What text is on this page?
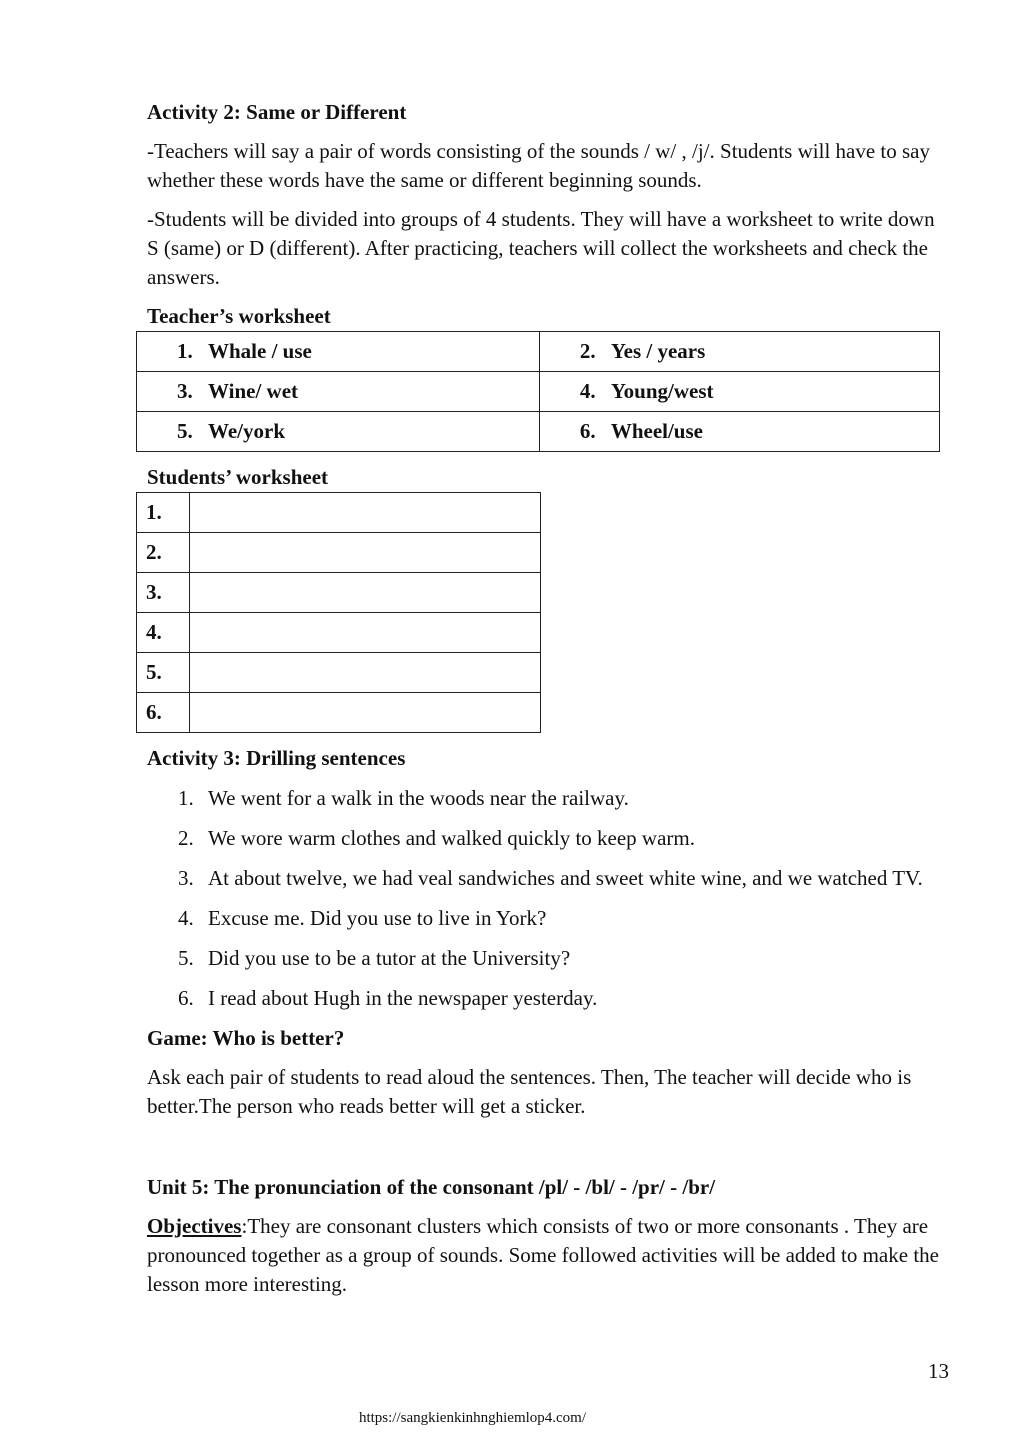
Activity 2: Same or Different

-Teachers will say a pair of words consisting of the sounds / w/ , /j/. Students will have to say whether these words have the same or different beginning sounds.

-Students will be divided into groups of 4 students. They will have a worksheet to write down S (same) or D (different). After practicing, teachers will collect the worksheets and check the answers.

Teacher’s worksheet

1. Whale / use	2. Yes / years

3. Wine/ wet	4. Young/west

5. We/york	6. Wheel/use

Students’ worksheet

1.	
2.	
3.	
4.	
5.	
6.	

Activity 3: Drilling sentences

1. We went for a walk in the woods near the railway.
2. We wore warm clothes and walked quickly to keep warm.
3. At about twelve, we had veal sandwiches and sweet white wine, and we watched TV.
4. Excuse me. Did you use to live in York?
5. Did you use to be a tutor at the University?
6. I read about Hugh in the newspaper yesterday.

Game: Who is better?

Ask each pair of students to read aloud the sentences. Then, The teacher will decide who is better.The person who reads better will get a sticker.

Unit 5: The pronunciation of the consonant /pl/ - /bl/ - /pr/ - /br/

Objectives:They are consonant clusters which consists of two or more consonants . They are pronounced together as a group of sounds. Some followed activities will be added to make the lesson more interesting.

13
https://sangkienkinhnghiemlop4.com/
